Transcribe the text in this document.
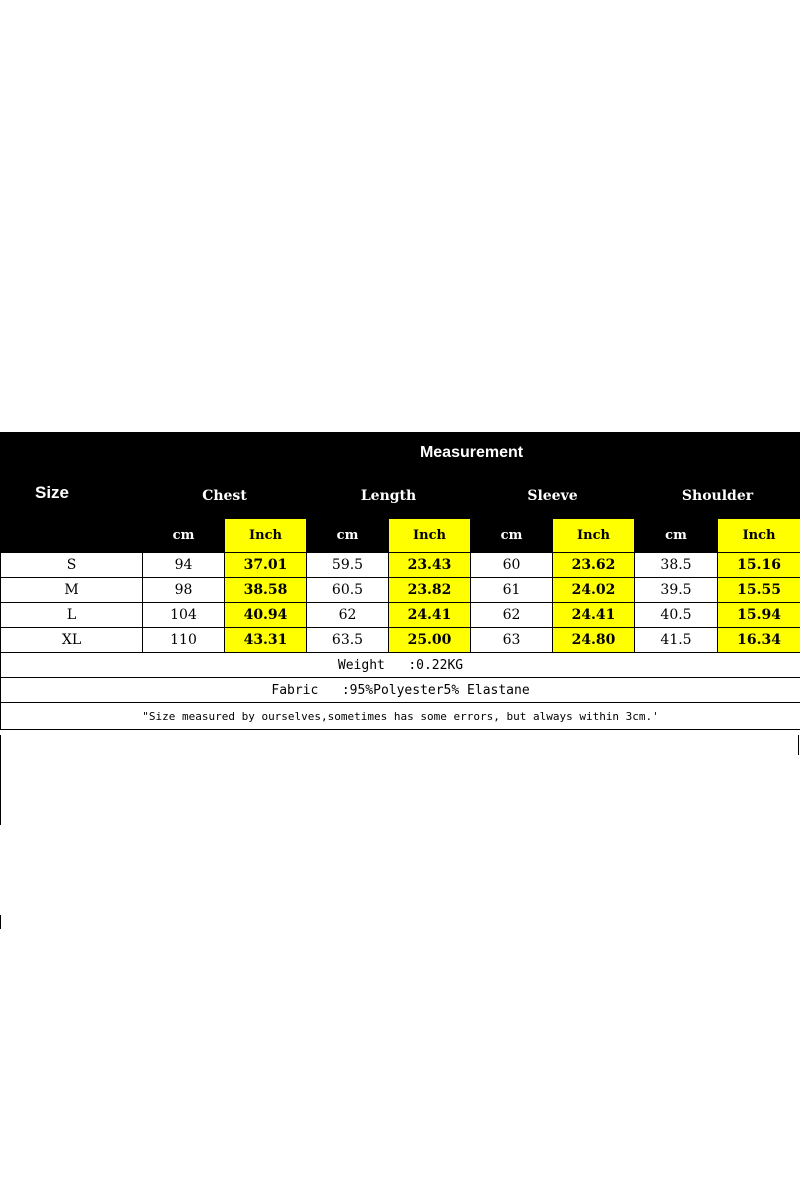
Size	Measurement							
	Chest		Length		Sleeve		Shoulder	
	cm	Inch	cm	Inch	cm	Inch	cm	Inch
S	94	37.01	59.5	23.43	60	23.62	38.5	15.16
M	98	38.58	60.5	23.82	61	24.02	39.5	15.55
L	104	40.94	62	24.41	62	24.41	40.5	15.94
XL	110	43.31	63.5	25.00	63	24.80	41.5	16.34
Weight   :0.22KG								
Fabric   :95%Polyester5% Elastane								
"Size measured by ourselves,sometimes has some errors, but always within 3cm.'								
